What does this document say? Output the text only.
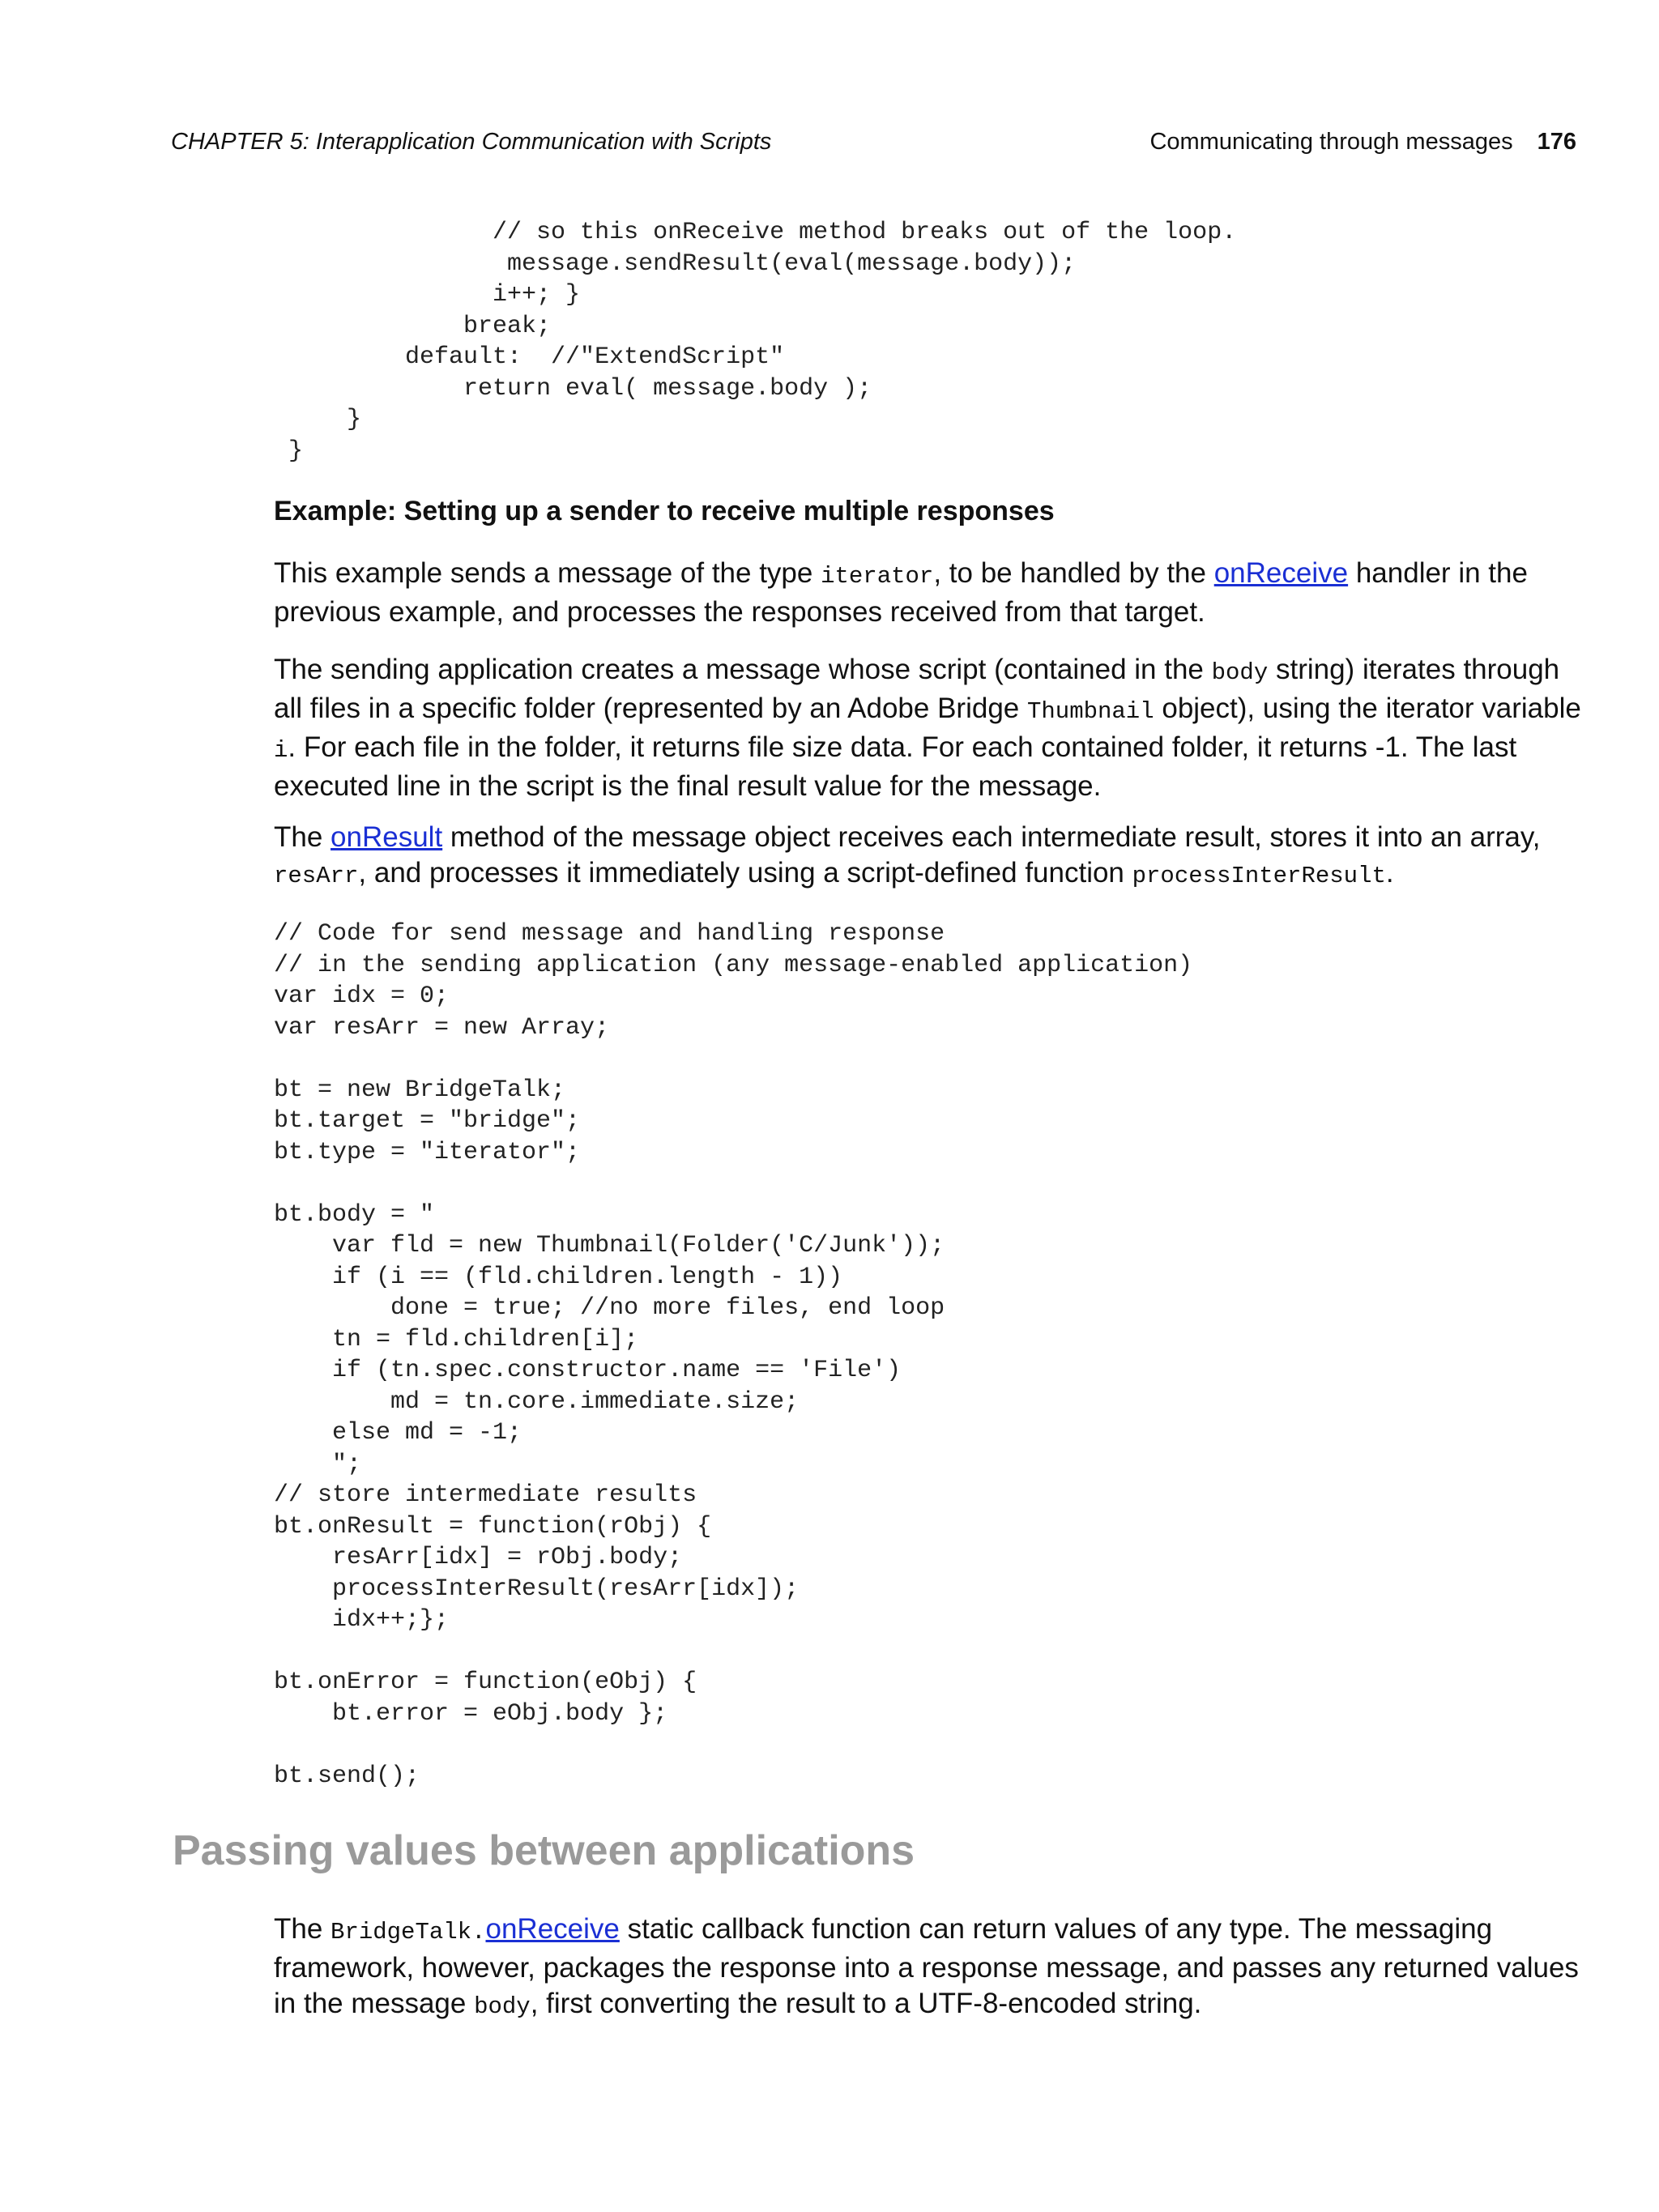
CHAPTER 5: Interapplication Communication with Scripts	Communicating through messages 176
// so this onReceive method breaks out of the loop.
message.sendResult(eval(message.body));
i++; }
break;
default:  //"ExtendScript"
return eval( message.body );
}
}
Example: Setting up a sender to receive multiple responses

This example sends a message of the type iterator, to be handled by the onReceive handler in the previous example, and processes the responses received from that target.

The sending application creates a message whose script (contained in the body string) iterates through all files in a specific folder (represented by an Adobe Bridge Thumbnail object), using the iterator variable i. For each file in the folder, it returns file size data. For each contained folder, it returns -1. The last executed line in the script is the final result value for the message.

The onResult method of the message object receives each intermediate result, stores it into an array, resArr, and processes it immediately using a script-defined function processInterResult.

// Code for send message and handling response
// in the sending application (any message-enabled application)
var idx = 0;
var resArr = new Array;

bt = new BridgeTalk;
bt.target = "bridge";
bt.type = "iterator";

bt.body = "
var fld = new Thumbnail(Folder('C/Junk'));
if (i == (fld.children.length - 1))
done = true; //no more files, end loop
tn = fld.children[i];
if (tn.spec.constructor.name == 'File')
md = tn.core.immediate.size;
else md = -1;
";
// store intermediate results
bt.onResult = function(rObj) {
resArr[idx] = rObj.body;
processInterResult(resArr[idx]);
idx++;};

bt.onError = function(eObj) {
bt.error = eObj.body };

bt.send();
Passing values between applications

The BridgeTalk.onReceive static callback function can return values of any type. The messaging framework, however, packages the response into a response message, and passes any returned values in the message body, first converting the result to a UTF-8-encoded string.
